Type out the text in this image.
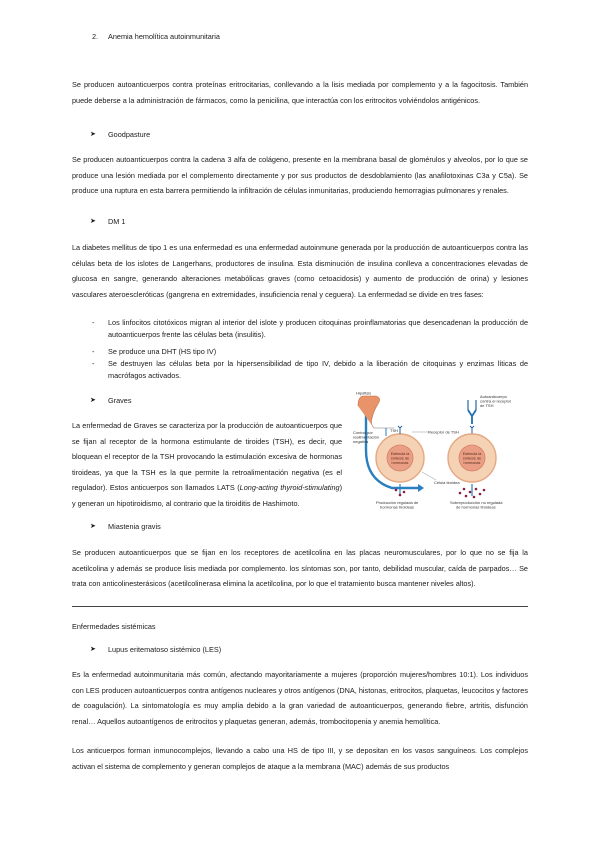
2. Anemia hemolítica autoinmunitaria

Se producen autoanticuerpos contra proteínas eritrocitarias, conllevando a la lisis mediada por complemento y a la fagocitosis. También puede deberse a la administración de fármacos, como la penicilina, que interactúa con los eritrocitos volviéndolos antigénicos.

➤ Goodpasture

Se producen autoanticuerpos contra la cadena 3 alfa de colágeno, presente en la membrana basal de glomérulos y alveolos, por lo que se produce una lesión mediada por el complemento directamente y por sus productos de desdoblamiento (las anafilotoxinas C3a y C5a). Se produce una ruptura en esta barrera permitiendo la infiltración de células inmunitarias, produciendo hemorragias pulmonares y renales.

➤ DM 1

La diabetes mellitus de tipo 1 es una enfermedad es una enfermedad autoinmune generada por la producción de autoanticuerpos contra las células beta de los islotes de Langerhans, productores de insulina. Esta disminución de insulina conlleva a concentraciones elevadas de glucosa en sangre, generando alteraciones metabólicas graves (como cetoacidosis) y aumento de producción de orina) y lesiones vasculares ateroescleróticas (gangrena en extremidades, insuficiencia renal y ceguera). La enfermedad se divide en tres fases:

- Los linfocitos citotóxicos migran al interior del islote y producen citoquinas proinflamatorias que desencadenan la producción de autoanticuerpos frente las células beta (insulitis).

- Se produce una DHT (HS tipo IV)

- Se destruyen las células beta por la hipersensibilidad de tipo IV, debido a la liberación de citoquinas y enzimas líticas de macrófagos activados.

➤ Graves

La enfermedad de Graves se caracteriza por la producción de autoanticuerpos que se fijan al receptor de la hormona estimulante de tiroides (TSH), es decir, que bloquean el receptor de la TSH provocando la estimulación excesiva de hormonas tiroideas, ya que la TSH es la que permite la retroalimentación negativa (es el regulador). Estos anticuerpos son llamados LATS (Long-acting thyroid-stimulating) y generan un hipotiroidismo, al contrario que la tiroiditis de Hashimoto.

Estimula la
síntesis de
hormonas
Estimula la
síntesis de
hormonas
Hipófisis
TSH
Autoanticuerpo
contra el receptor
de TSH
Control por
realimentación
negativa
Receptor de TSH
Célula tiroidea
Producción regulada de
hormonas tiroideas
Sobreproducción no regulada
de hormonas tiroideas
➤ Miastenia gravis

Se producen autoanticuerpos que se fijan en los receptores de acetilcolina en las placas neuromusculares, por lo que no se fija la acetilcolina y además se produce lisis mediada por complemento. los síntomas son, por tanto, debilidad muscular, caída de parpados… Se trata con anticolinesterásicos (acetilcolinerasa elimina la acetilcolina, por lo que el tratamiento busca mantener niveles altos).

Enfermedades sistémicas
➤ Lupus eritematoso sistémico (LES)

Es la enfermedad autoinmunitaria más común, afectando mayoritariamente a mujeres (proporción mujeres/hombres 10:1). Los individuos con LES producen autoanticuerpos contra antígenos nucleares y otros antígenos (DNA, histonas, eritrocitos, plaquetas, leucocitos y factores de coagulación). La sintomatología es muy amplia debido a la gran variedad de autoanticuerpos, generando fiebre, artritis, disfunción renal… Aquellos autoantígenos de eritrocitos y plaquetas generan, además, trombocitopenia y anemia hemolítica.

Los anticuerpos forman inmunocomplejos, llevando a cabo una HS de tipo III, y se depositan en los vasos sanguíneos. Los complejos activan el sistema de complemento y generan complejos de ataque a la membrana (MAC) además de sus productos
